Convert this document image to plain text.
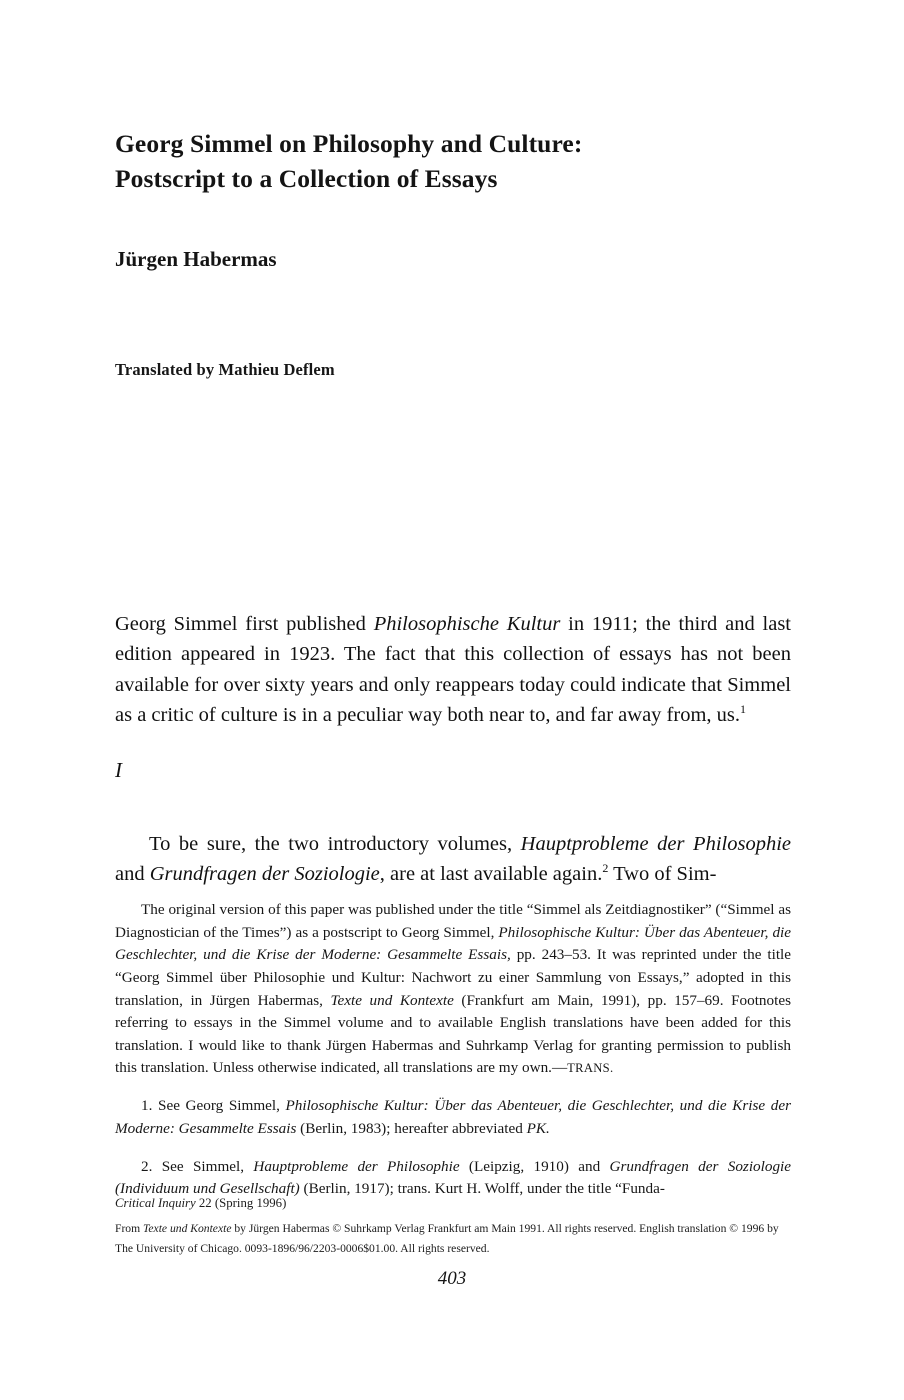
Georg Simmel on Philosophy and Culture:
Postscript to a Collection of Essays
Jürgen Habermas
Translated by Mathieu Deflem

Georg Simmel first published Philosophische Kultur in 1911; the third and last edition appeared in 1923. The fact that this collection of essays has not been available for over sixty years and only reappears today could indicate that Simmel as a critic of culture is in a peculiar way both near to, and far away from, us.$^1$

I

To be sure, the two introductory volumes, Hauptprobleme der Philosophie and Grundfragen der Soziologie, are at last available again.$^2$ Two of Sim-

The original version of this paper was published under the title “Simmel als Zeitdiagnostiker” (“Simmel as Diagnostician of the Times”) as a postscript to Georg Simmel, Philosophische Kultur: Über das Abenteuer, die Geschlechter, und die Krise der Moderne: Gesammelte Essais, pp. 243–53. It was reprinted under the title “Georg Simmel über Philosophie und Kultur: Nachwort zu einer Sammlung von Essays,” adopted in this translation, in Jürgen Habermas, Texte und Kontexte (Frankfurt am Main, 1991), pp. 157–69. Footnotes referring to essays in the Simmel volume and to available English translations have been added for this translation. I would like to thank Jürgen Habermas and Suhrkamp Verlag for granting permission to publish this translation. Unless otherwise indicated, all translations are my own.—TRANS.

1. See Georg Simmel, Philosophische Kultur: Über das Abenteuer, die Geschlechter, und die Krise der Moderne: Gesammelte Essais (Berlin, 1983); hereafter abbreviated PK.

2. See Simmel, Hauptprobleme der Philosophie (Leipzig, 1910) and Grundfragen der Soziologie (Individuum und Gesellschaft) (Berlin, 1917); trans. Kurt H. Wolff, under the title “Funda-

Critical Inquiry 22 (Spring 1996)
From Texte und Kontexte by Jürgen Habermas © Suhrkamp Verlag Frankfurt am Main 1991. All rights reserved. English translation © 1996 by The University of Chicago. 0093-1896/96/2203-0006$01.00. All rights reserved.
403
